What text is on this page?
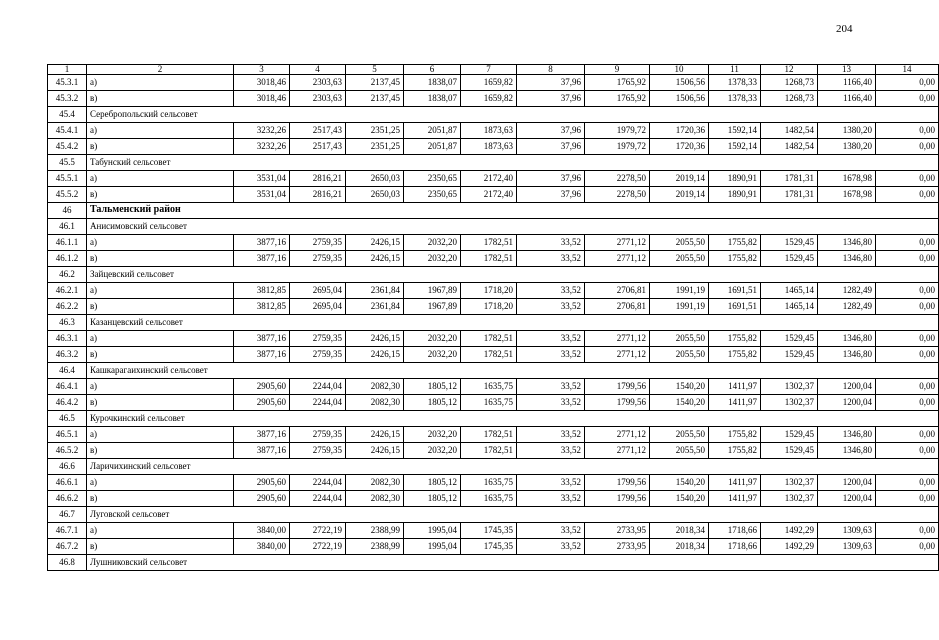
204
1	2	3	4	5	6	7	8	9	10	11	12	13	14
45.3.1	а)	3018,46	2303,63	2137,45	1838,07	1659,82	37,96	1765,92	1506,56	1378,33	1268,73	1166,40	0,00
45.3.2	в)	3018,46	2303,63	2137,45	1838,07	1659,82	37,96	1765,92	1506,56	1378,33	1268,73	1166,40	0,00
45.4	Серебропольский сельсовет												
45.4.1	а)	3232,26	2517,43	2351,25	2051,87	1873,63	37,96	1979,72	1720,36	1592,14	1482,54	1380,20	0,00
45.4.2	в)	3232,26	2517,43	2351,25	2051,87	1873,63	37,96	1979,72	1720,36	1592,14	1482,54	1380,20	0,00
45.5	Табунский сельсовет												
45.5.1	а)	3531,04	2816,21	2650,03	2350,65	2172,40	37,96	2278,50	2019,14	1890,91	1781,31	1678,98	0,00
45.5.2	в)	3531,04	2816,21	2650,03	2350,65	2172,40	37,96	2278,50	2019,14	1890,91	1781,31	1678,98	0,00
46	Тальменский район												
46.1	Анисимовский сельсовет												
46.1.1	а)	3877,16	2759,35	2426,15	2032,20	1782,51	33,52	2771,12	2055,50	1755,82	1529,45	1346,80	0,00
46.1.2	в)	3877,16	2759,35	2426,15	2032,20	1782,51	33,52	2771,12	2055,50	1755,82	1529,45	1346,80	0,00
46.2	Зайцевский сельсовет												
46.2.1	а)	3812,85	2695,04	2361,84	1967,89	1718,20	33,52	2706,81	1991,19	1691,51	1465,14	1282,49	0,00
46.2.2	в)	3812,85	2695,04	2361,84	1967,89	1718,20	33,52	2706,81	1991,19	1691,51	1465,14	1282,49	0,00
46.3	Казанцевский сельсовет												
46.3.1	а)	3877,16	2759,35	2426,15	2032,20	1782,51	33,52	2771,12	2055,50	1755,82	1529,45	1346,80	0,00
46.3.2	в)	3877,16	2759,35	2426,15	2032,20	1782,51	33,52	2771,12	2055,50	1755,82	1529,45	1346,80	0,00
46.4	Кашкарагаихинский сельсовет												
46.4.1	а)	2905,60	2244,04	2082,30	1805,12	1635,75	33,52	1799,56	1540,20	1411,97	1302,37	1200,04	0,00
46.4.2	в)	2905,60	2244,04	2082,30	1805,12	1635,75	33,52	1799,56	1540,20	1411,97	1302,37	1200,04	0,00
46.5	Курочкинский сельсовет												
46.5.1	а)	3877,16	2759,35	2426,15	2032,20	1782,51	33,52	2771,12	2055,50	1755,82	1529,45	1346,80	0,00
46.5.2	в)	3877,16	2759,35	2426,15	2032,20	1782,51	33,52	2771,12	2055,50	1755,82	1529,45	1346,80	0,00
46.6	Ларичихинский сельсовет												
46.6.1	а)	2905,60	2244,04	2082,30	1805,12	1635,75	33,52	1799,56	1540,20	1411,97	1302,37	1200,04	0,00
46.6.2	в)	2905,60	2244,04	2082,30	1805,12	1635,75	33,52	1799,56	1540,20	1411,97	1302,37	1200,04	0,00
46.7	Луговской сельсовет												
46.7.1	а)	3840,00	2722,19	2388,99	1995,04	1745,35	33,52	2733,95	2018,34	1718,66	1492,29	1309,63	0,00
46.7.2	в)	3840,00	2722,19	2388,99	1995,04	1745,35	33,52	2733,95	2018,34	1718,66	1492,29	1309,63	0,00
46.8	Лушниковский сельсовет												
